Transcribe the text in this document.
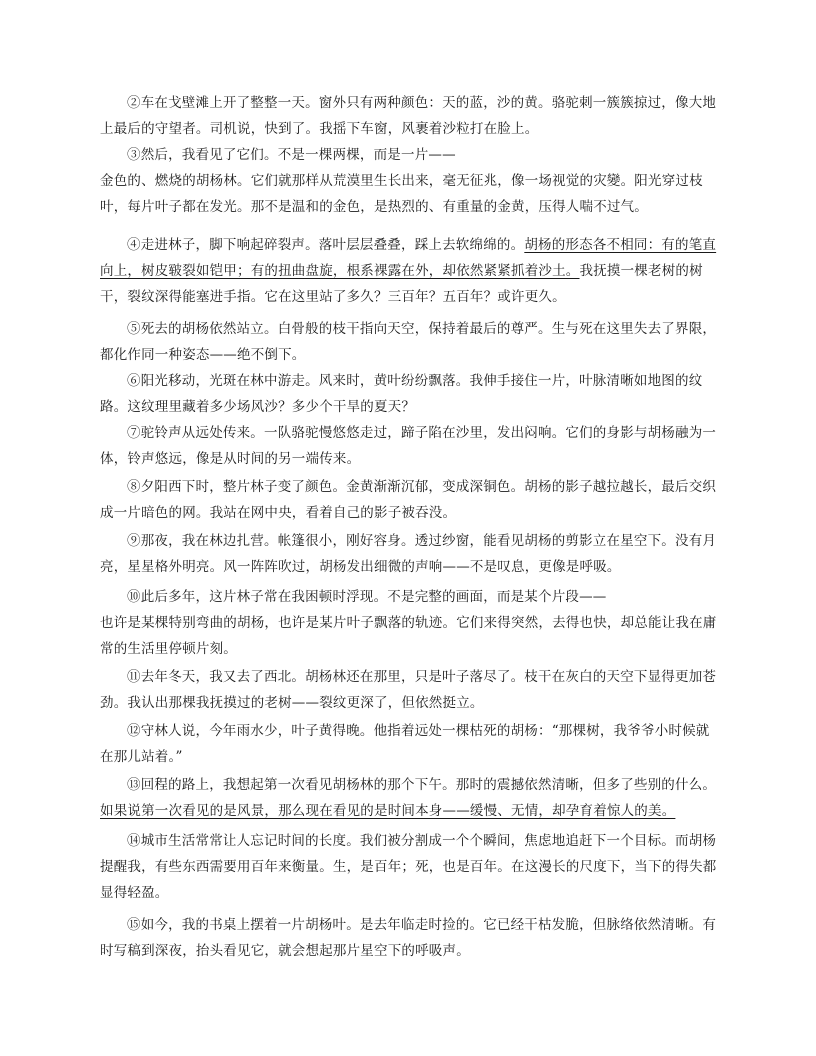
②车在戈壁滩上开了整整一天。窗外只有两种颜色：天的蓝，沙的黄。骆驼刺一簇簇掠过，像大地上最后的守望者。司机说，快到了。我摇下车窗，风裹着沙粒打在脸上。

③然后，我看见了它们。不是一棵两棵，而是一片——

金色的、燃烧的胡杨林。它们就那样从荒漠里生长出来，毫无征兆，像一场视觉的灾變。阳光穿过枝叶，每片叶子都在发光。那不是温和的金色，是热烈的、有重量的金黄，压得人喘不过气。

④走进林子，脚下响起碎裂声。落叶层层叠叠，踩上去软绵绵的。胡杨的形态各不相同：有的笔直向上，树皮皲裂如铠甲；有的扭曲盘旋，根系裸露在外，却依然紧紧抓着沙土。我抚摸一棵老树的树干，裂纹深得能塞进手指。它在这里站了多久？三百年？五百年？或许更久。

⑤死去的胡杨依然站立。白骨般的枝干指向天空，保持着最后的尊严。生与死在这里失去了界限，都化作同一种姿态——绝不倒下。

⑥阳光移动，光斑在林中游走。风来时，黄叶纷纷飘落。我伸手接住一片，叶脉清晰如地图的纹路。这纹理里藏着多少场风沙？多少个干旱的夏天？

⑦驼铃声从远处传来。一队骆驼慢悠悠走过，蹄子陷在沙里，发出闷响。它们的身影与胡杨融为一体，铃声悠远，像是从时间的另一端传来。

⑧夕阳西下时，整片林子变了颜色。金黄渐渐沉郁，变成深铜色。胡杨的影子越拉越长，最后交织成一片暗色的网。我站在网中央，看着自己的影子被吞没。

⑨那夜，我在林边扎营。帐篷很小，刚好容身。透过纱窗，能看见胡杨的剪影立在星空下。没有月亮，星星格外明亮。风一阵阵吹过，胡杨发出细微的声响——不是叹息，更像是呼吸。

⑩此后多年，这片林子常在我困顿时浮现。不是完整的画面，而是某个片段——

也许是某棵特别弯曲的胡杨，也许是某片叶子飘落的轨迹。它们来得突然，去得也快，却总能让我在庸常的生活里停顿片刻。

⑪去年冬天，我又去了西北。胡杨林还在那里，只是叶子落尽了。枝干在灰白的天空下显得更加苍劲。我认出那棵我抚摸过的老树——裂纹更深了，但依然挺立。

⑫守林人说，今年雨水少，叶子黄得晚。他指着远处一棵枯死的胡杨：“那棵树，我爷爷小时候就在那儿站着。”

⑬回程的路上，我想起第一次看见胡杨林的那个下午。那时的震撼依然清晰，但多了些别的什么。如果说第一次看见的是风景，那么现在看见的是时间本身——缓慢、无情，却孕育着惊人的美。

⑭城市生活常常让人忘记时间的长度。我们被分割成一个个瞬间，焦虑地追赶下一个目标。而胡杨提醒我，有些东西需要用百年来衡量。生，是百年；死，也是百年。在这漫长的尺度下，当下的得失都显得轻盈。

⑮如今，我的书桌上摆着一片胡杨叶。是去年临走时捡的。它已经干枯发脆，但脉络依然清晰。有时写稿到深夜，抬头看见它，就会想起那片星空下的呼吸声。
